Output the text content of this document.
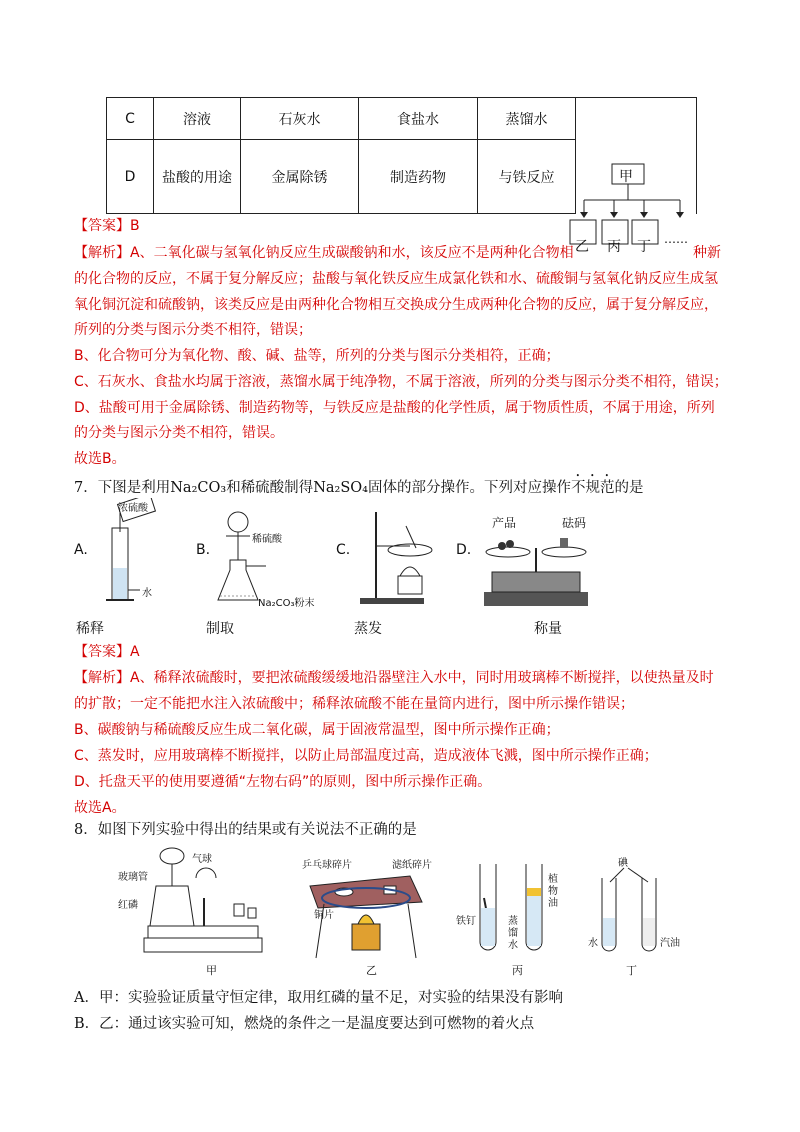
C	溶液	石灰水	食盐水	蒸馏水
D	盐酸的用途	金属除锈	制造药物	与铁反应	甲
乙 丙 丁 ……
【答案】B
【解析】A、二氧化碳与氢氧化钠反应生成碳酸钠和水，该反应不是两种化合物相	种新
的化合物的反应，不属于复分解反应；盐酸与氧化铁反应生成氯化铁和水、硫酸铜与氢氧化钠反应生成氢
氧化铜沉淀和硫酸钠，该类反应是由两种化合物相互交换成分生成两种化合物的反应，属于复分解反应，
所列的分类与图示分类不相符，错误；
B、化合物可分为氧化物、酸、碱、盐等，所列的分类与图示分类相符，正确；
C、石灰水、食盐水均属于溶液，蒸馏水属于纯净物，不属于溶液，所列的分类与图示分类不相符，错误；
D、盐酸可用于金属除锈、制造药物等，与铁反应是盐酸的化学性质，属于物质性质，不属于用途，所列
的分类与图示分类不相符，错误。
故选B。
7．下图是利用Na₂CO₃和稀硫酸制得Na₂SO₄固体的部分操作。下列对应操作不规范的是
A.
浓硫酸
水
B.
稀硫酸
Na₂CO₃粉末
C.	D.
产品	砝码
稀释	制取	蒸发	称量
【答案】A
【解析】A、稀释浓硫酸时，要把浓硫酸缓缓地沿器壁注入水中，同时用玻璃棒不断搅拌，以使热量及时
的扩散；一定不能把水注入浓硫酸中；稀释浓硫酸不能在量筒内进行，图中所示操作错误；
B、碳酸钠与稀硫酸反应生成二氧化碳，属于固液常温型，图中所示操作正确；
C、蒸发时，应用玻璃棒不断搅拌，以防止局部温度过高，造成液体飞溅，图中所示操作正确；
D、托盘天平的使用要遵循“左物右码”的原则，图中所示操作正确。
故选A。
8．如图下列实验中得出的结果或有关说法不正确的是
气球
玻璃管
红磷
乒乓球碎片	滤纸碎片
铜片
铁钉
植物油
蒸馏水
碘
水	汽油
甲	乙	丙	丁
A．甲：实验验证质量守恒定律，取用红磷的量不足，对实验的结果没有影响
B．乙：通过该实验可知，燃烧的条件之一是温度要达到可燃物的着火点
